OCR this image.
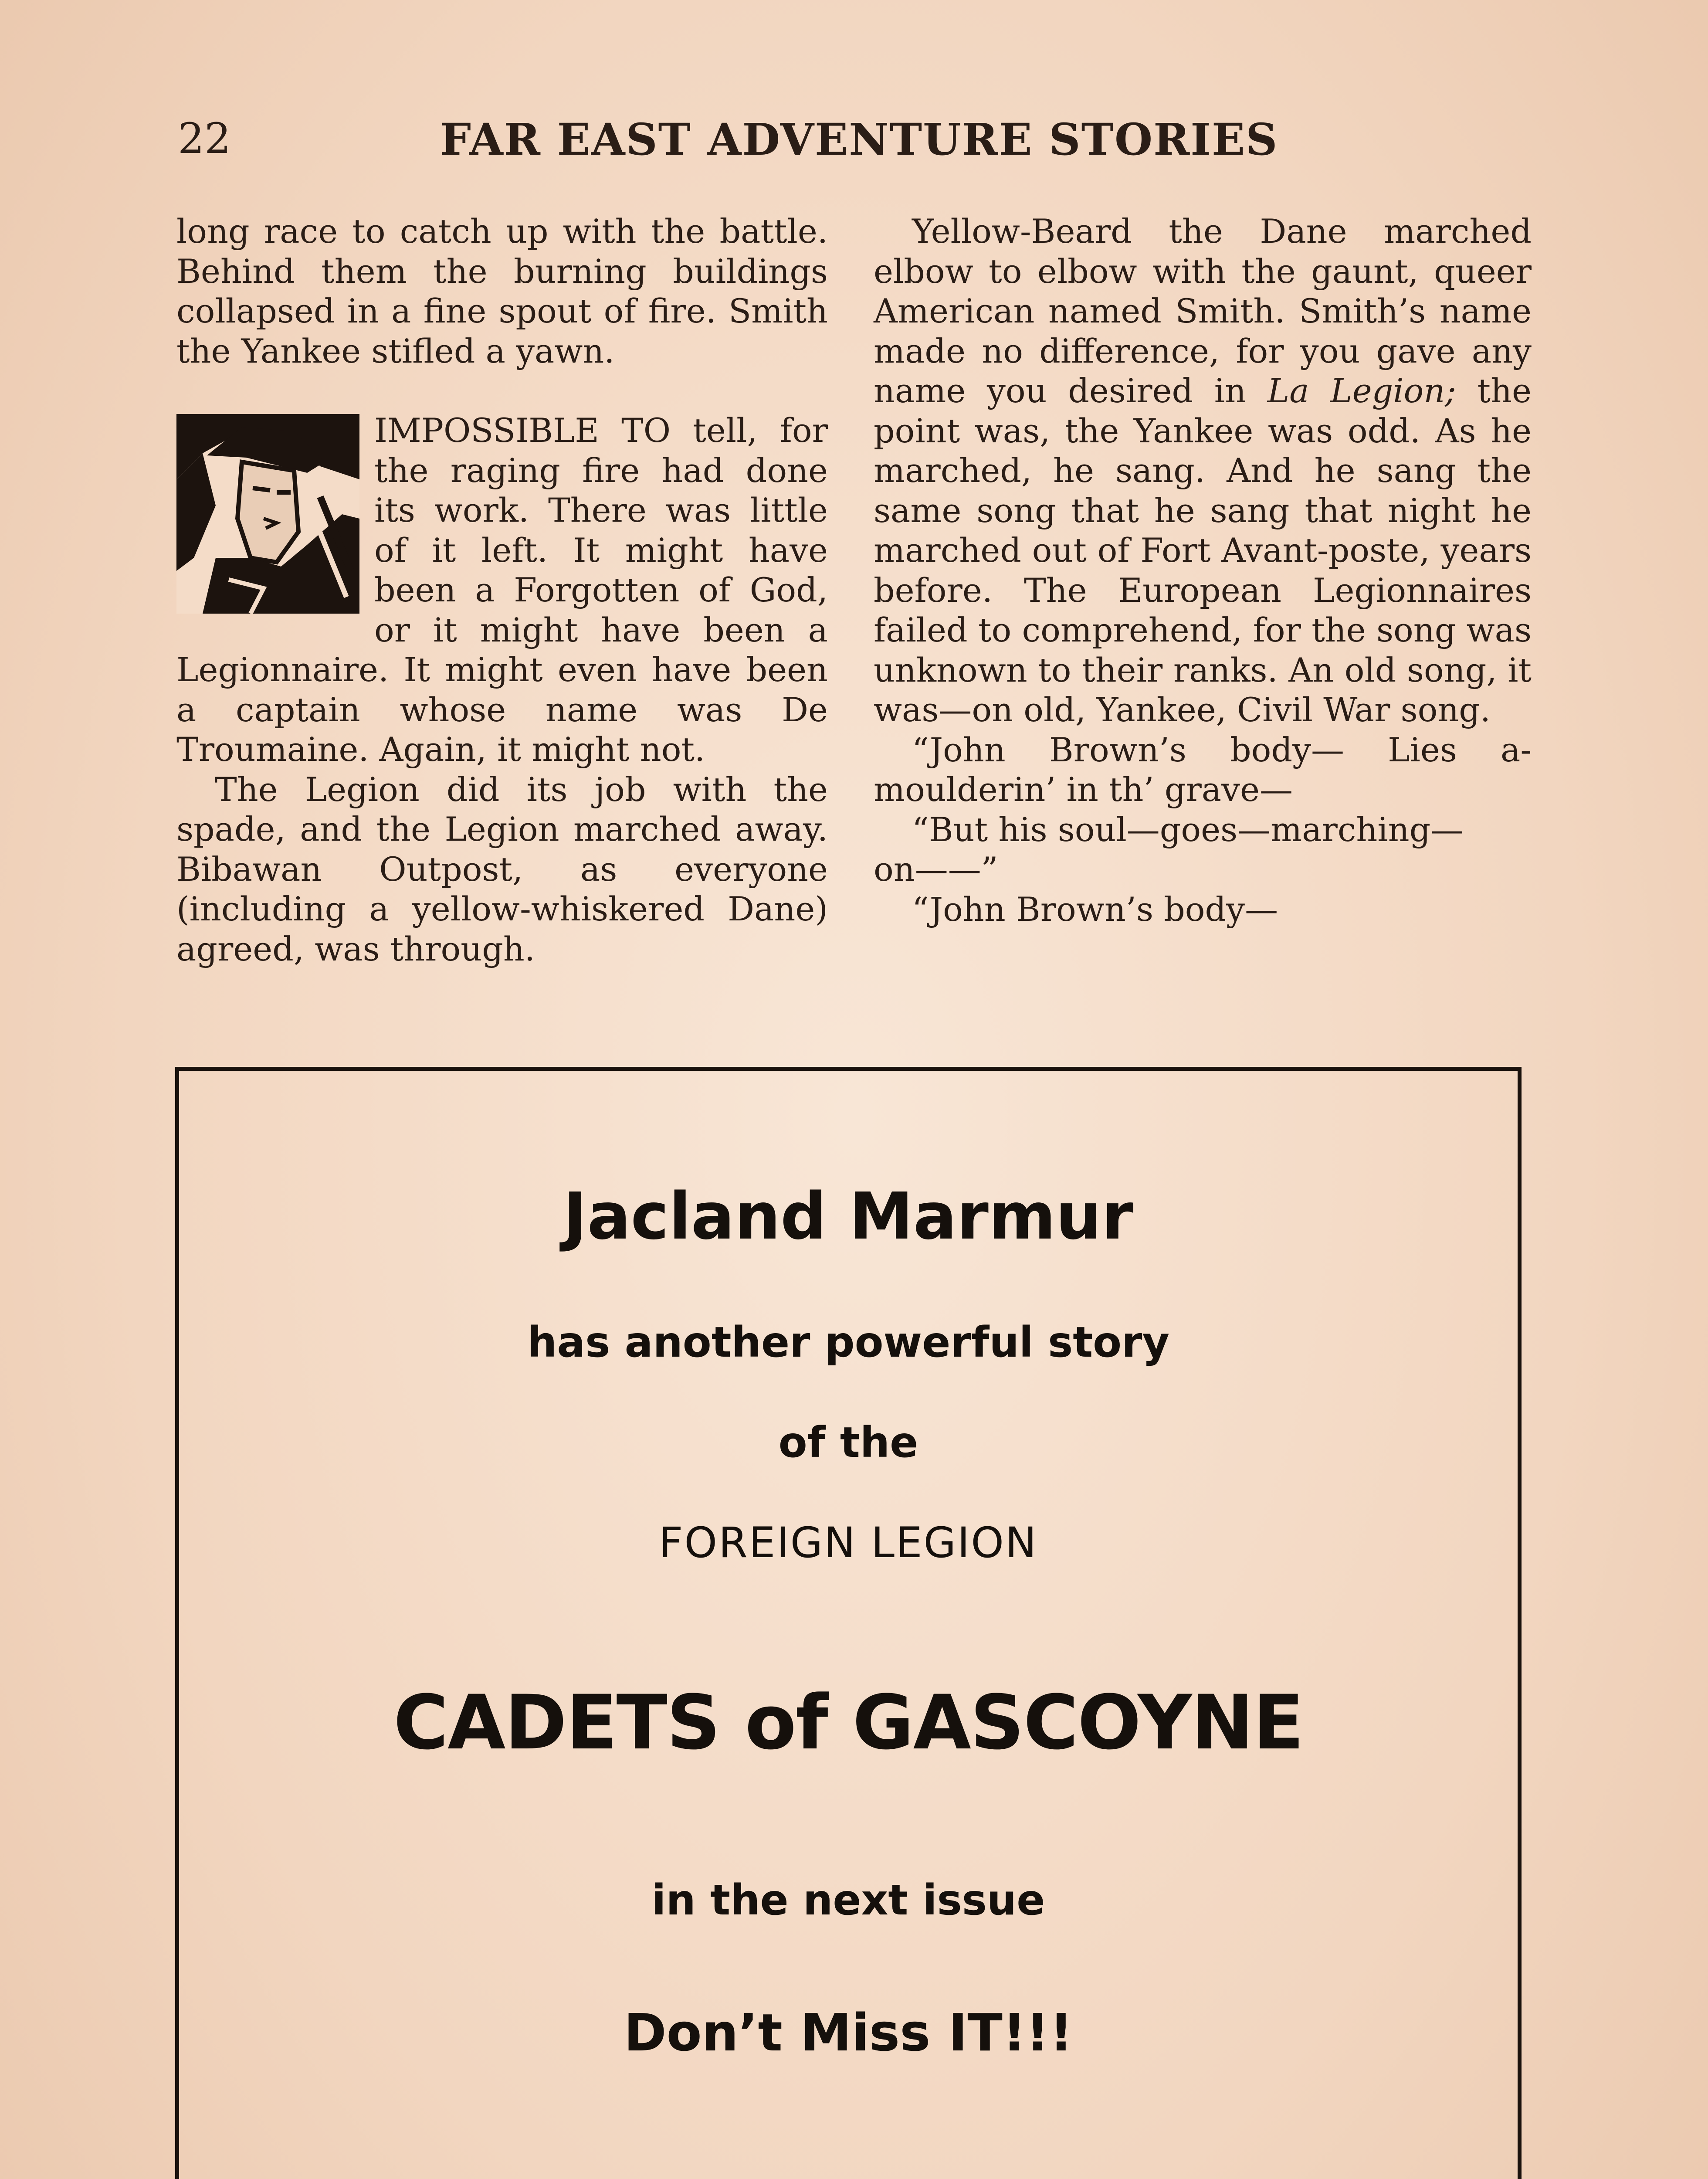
22	FAR EAST ADVENTURE STORIES

long race to catch up with the battle. Behind them the burning buildings collapsed in a fine spout of fire. Smith the Yankee stifled a yawn.

IMPOSSIBLE TO tell, for the raging fire had done its work. There was little of it left. It might have been a Forgotten of God, or it might have been a Legionnaire. It might even have been a captain whose name was De Troumaine. Again, it might not.

The Legion did its job with the spade, and the Legion marched away. Bibawan Outpost, as everyone (including a yellow-whiskered Dane) agreed, was through.

Yellow-Beard the Dane marched elbow to elbow with the gaunt, queer American named Smith. Smith’s name made no difference, for you gave any name you desired in La Legion; the point was, the Yankee was odd. As he marched, he sang. And he sang the same song that he sang that night he marched out of Fort Avant-poste, years before. The European Legionnaires failed to comprehend, for the song was unknown to their ranks. An old song, it was—on old, Yankee, Civil War song.

“John Brown’s body— Lies a-moulderin’ in th’ grave—

“But his soul—goes—marching—
on——”

“John Brown’s body—

Jacland Marmur
has another powerful story
of the
FOREIGN LEGION
CADETS of GASCOYNE
in the next issue
Don’t Miss IT!!!
